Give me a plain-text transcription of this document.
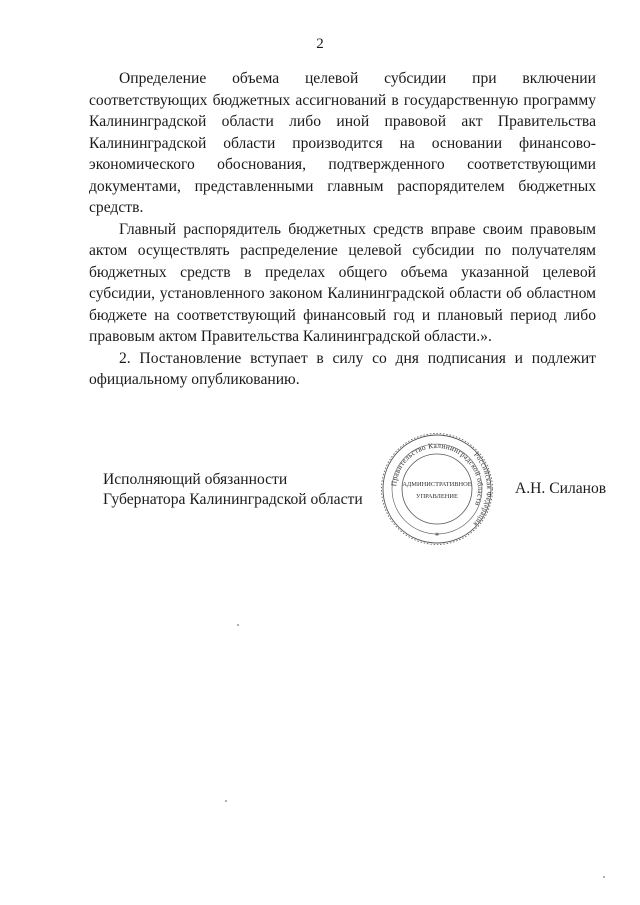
2

Определение объема целевой субсидии при включении соответствующих бюджетных ассигнований в государственную программу Калининградской области либо иной правовой акт Правительства Калининградской области производится на основании финансово-экономического обоснования, подтвержденного соответствующими документами, представленными главным распорядителем бюджетных средств.

Главный распорядитель бюджетных средств вправе своим правовым актом осуществлять распределение целевой субсидии по получателям бюджетных средств в пределах общего объема указанной целевой субсидии, установленного законом Калининградской области об областном бюджете на соответствующий финансовый год и плановый период либо правовым актом Правительства Калининградской области.».

2. Постановление вступает в силу со дня подписания и подлежит официальному опубликованию.

Исполняющий обязанности
Губернатора Калининградской области
Российская Федерация
Правительство Калининградской области
АДМИНИСТРАТИВНОЕ
УПРАВЛЕНИЕ
*
А.Н. Силанов
